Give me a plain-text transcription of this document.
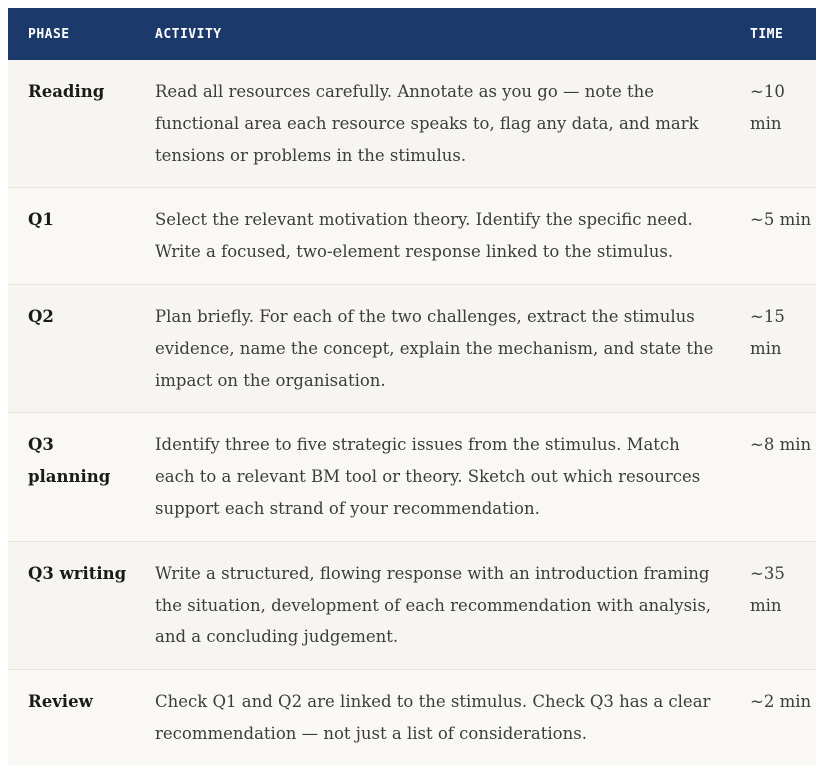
PHASE	ACTIVITY	TIME
Reading	Read all resources carefully. Annotate as you go — note the functional area each resource speaks to, flag any data, and mark tensions or problems in the stimulus.	~10 min
Q1	Select the relevant motivation theory. Identify the specific need. Write a focused, two-element response linked to the stimulus.	~5 min
Q2	Plan briefly. For each of the two challenges, extract the stimulus evidence, name the concept, explain the mechanism, and state the impact on the organisation.	~15 min
Q3 planning	Identify three to five strategic issues from the stimulus. Match each to a relevant BM tool or theory. Sketch out which resources support each strand of your recommendation.	~8 min
Q3 writing	Write a structured, flowing response with an introduction framing the situation, development of each recommendation with analysis, and a concluding judgement.	~35 min
Review	Check Q1 and Q2 are linked to the stimulus. Check Q3 has a clear recommendation — not just a list of considerations.	~2 min
